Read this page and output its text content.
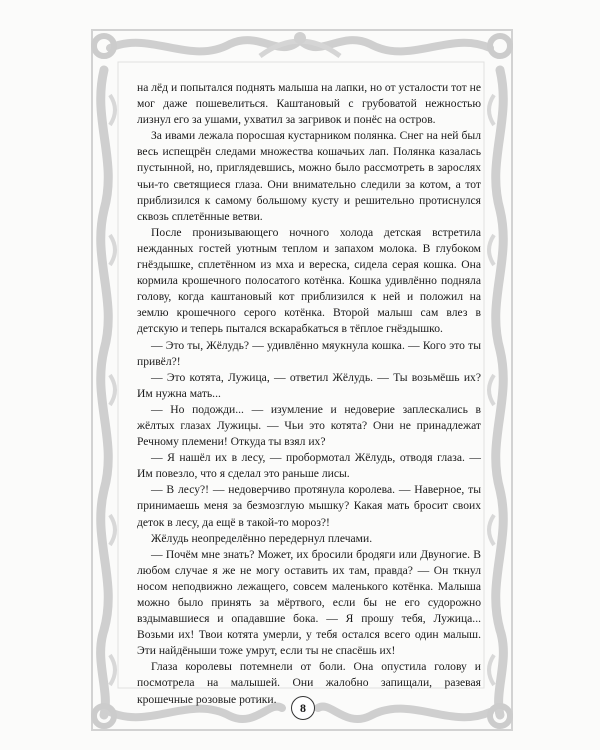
на лёд и попытался поднять малыша на лапки, но от усталости тот не мог даже пошевелиться. Каштановый с грубоватой нежностью лизнул его за ушами, ухватил за загривок и понёс на остров.

За ивами лежала поросшая кустарником полянка. Снег на ней был весь испещрён следами множества кошачьих лап. Полянка казалась пустынной, но, приглядевшись, можно было рассмотреть в зарослях чьи-то светящиеся глаза. Они внимательно следили за котом, а тот приблизился к самому большому кусту и решительно протиснулся сквозь сплетённые ветви.

После пронизывающего ночного холода детская встретила нежданных гостей уютным теплом и запахом молока. В глубоком гнёздышке, сплетённом из мха и вереска, сидела серая кошка. Она кормила крошечного полосатого котёнка. Кошка удивлённо подняла голову, когда каштановый кот приблизился к ней и положил на землю крошечного серого котёнка. Второй малыш сам влез в детскую и теперь пытался вскарабкаться в тёплое гнёздышко.

— Это ты, Жёлудь? — удивлённо мяукнула кошка. — Кого это ты привёл?!

— Это котята, Лужица, — ответил Жёлудь. — Ты возьмёшь их? Им нужна мать...

— Но подожди... — изумление и недоверие заплескались в жёлтых глазах Лужицы. — Чьи это котята? Они не принадлежат Речному племени! Откуда ты взял их?

— Я нашёл их в лесу, — пробормотал Жёлудь, отводя глаза. — Им повезло, что я сделал это раньше лисы.

— В лесу?! — недоверчиво протянула королева. — Наверное, ты принимаешь меня за безмозглую мышку? Какая мать бросит своих деток в лесу, да ещё в такой-то мороз?!

Жёлудь неопределённо передернул плечами.

— Почём мне знать? Может, их бросили бродяги или Двуногие. В любом случае я же не могу оставить их там, правда? — Он ткнул носом неподвижно лежащего, совсем маленького котёнка. Малыша можно было принять за мёртвого, если бы не его судорожно вздымавшиеся и опадавшие бока. — Я прошу тебя, Лужица... Возьми их! Твои котята умерли, у тебя остался всего один малыш. Эти найдёныши тоже умрут, если ты не спасёшь их!

Глаза королевы потемнели от боли. Она опустила голову и посмотрела на малышей. Они жалобно запищали, разевая крошечные розовые ротики.

8
